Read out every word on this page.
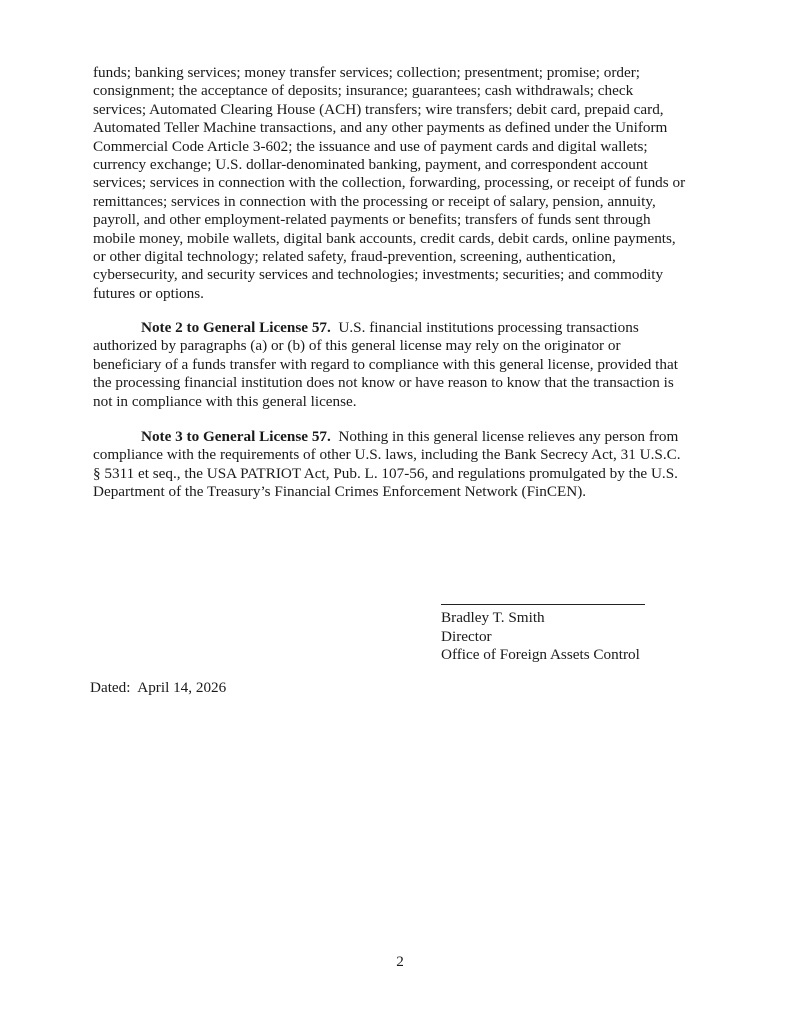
funds; banking services; money transfer services; collection; presentment; promise; order;
consignment; the acceptance of deposits; insurance; guarantees; cash withdrawals; check
services; Automated Clearing House (ACH) transfers; wire transfers; debit card, prepaid card,
Automated Teller Machine transactions, and any other payments as defined under the Uniform
Commercial Code Article 3-602; the issuance and use of payment cards and digital wallets;
currency exchange; U.S. dollar-denominated banking, payment, and correspondent account
services; services in connection with the collection, forwarding, processing, or receipt of funds or
remittances; services in connection with the processing or receipt of salary, pension, annuity,
payroll, and other employment-related payments or benefits; transfers of funds sent through
mobile money, mobile wallets, digital bank accounts, credit cards, debit cards, online payments,
or other digital technology; related safety, fraud-prevention, screening, authentication,
cybersecurity, and security services and technologies; investments; securities; and commodity
futures or options.
Note 2 to General License 57.  U.S. financial institutions processing transactions
authorized by paragraphs (a) or (b) of this general license may rely on the originator or
beneficiary of a funds transfer with regard to compliance with this general license, provided that
the processing financial institution does not know or have reason to know that the transaction is
not in compliance with this general license.
Note 3 to General License 57.  Nothing in this general license relieves any person from
compliance with the requirements of other U.S. laws, including the Bank Secrecy Act, 31 U.S.C.
§ 5311 et seq., the USA PATRIOT Act, Pub. L. 107-56, and regulations promulgated by the U.S.
Department of the Treasury’s Financial Crimes Enforcement Network (FinCEN).
Bradley T. Smith
Director
Office of Foreign Assets Control
Dated:  April 14, 2026
2
